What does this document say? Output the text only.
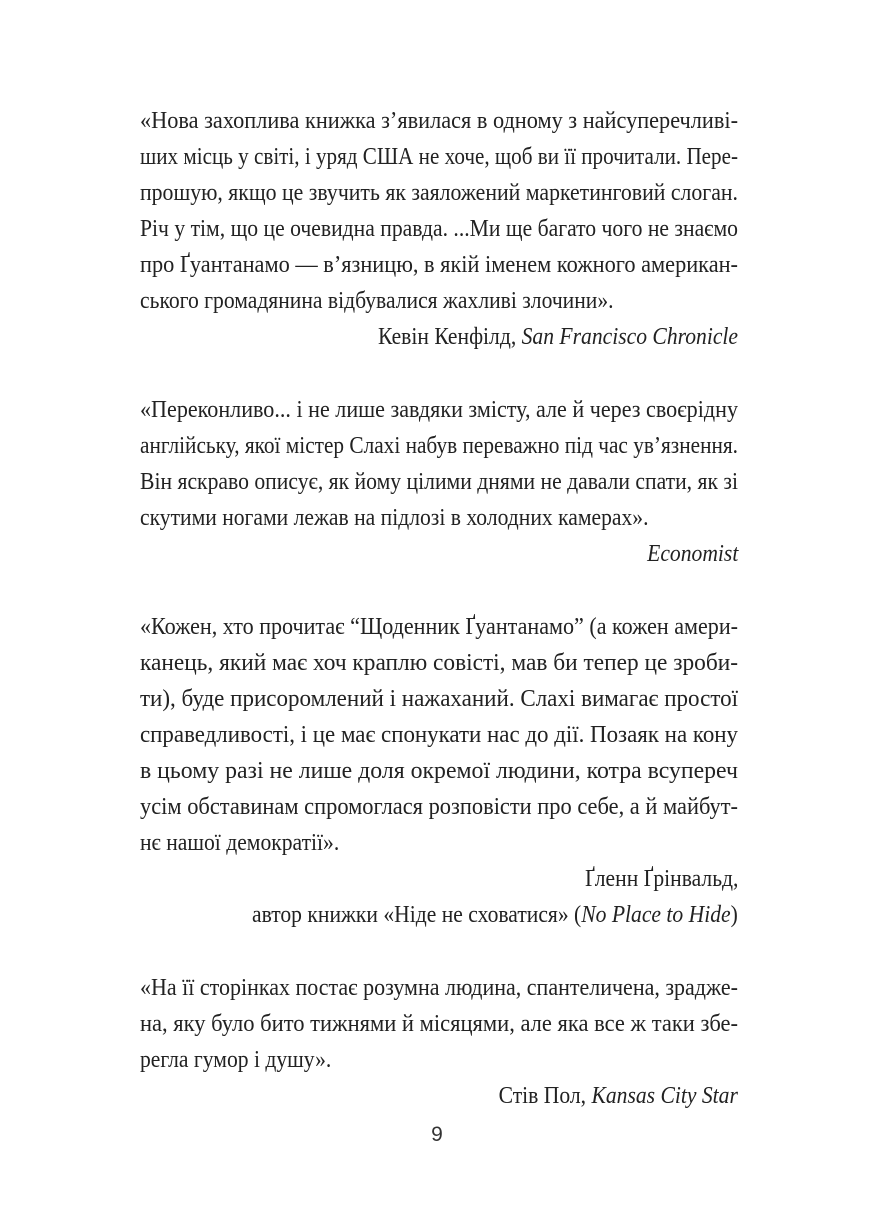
«Нова захоплива книжка з’явилася в одному з найсуперечливі-
ших місць у світі, і уряд США не хоче, щоб ви її прочитали. Пере-
прошую, якщо це звучить як заяложений маркетинговий слоган.
Річ у тім, що це очевидна правда. ...Ми ще багато чого не знаємо
про Ґуантанамо — в’язницю, в якій іменем кожного американ-
ського громадянина відбувалися жахливі злочини».
Кевін Кенфілд, San Francisco Chronicle
«Переконливо... і не лише завдяки змісту, але й через своєрідну
англійську, якої містер Слахі набув переважно під час ув’язнення.
Він яскраво описує, як йому цілими днями не давали спати, як зі
скутими ногами лежав на підлозі в холодних камерах».
Economist
«Кожен, хто прочитає “Щоденник Ґуантанамо” (а кожен амери-
канець, який має хоч краплю совісті, мав би тепер це зроби-
ти), буде присоромлений і нажаханий. Слахі вимагає простої
справедливості, і це має спонукати нас до дії. Позаяк на кону
в цьому разі не лише доля окремої людини, котра всупереч
усім обставинам спромоглася розповісти про себе, а й майбут-
нє нашої демократії».
Ґленн Ґрінвальд,
автор книжки «Ніде не сховатися» (No Place to Hide)
«На її сторінках постає розумна людина, спантеличена, зрадже-
на, яку було бито тижнями й місяцями, але яка все ж таки збе-
регла гумор і душу».
Стів Пол, Kansas City Star
9
